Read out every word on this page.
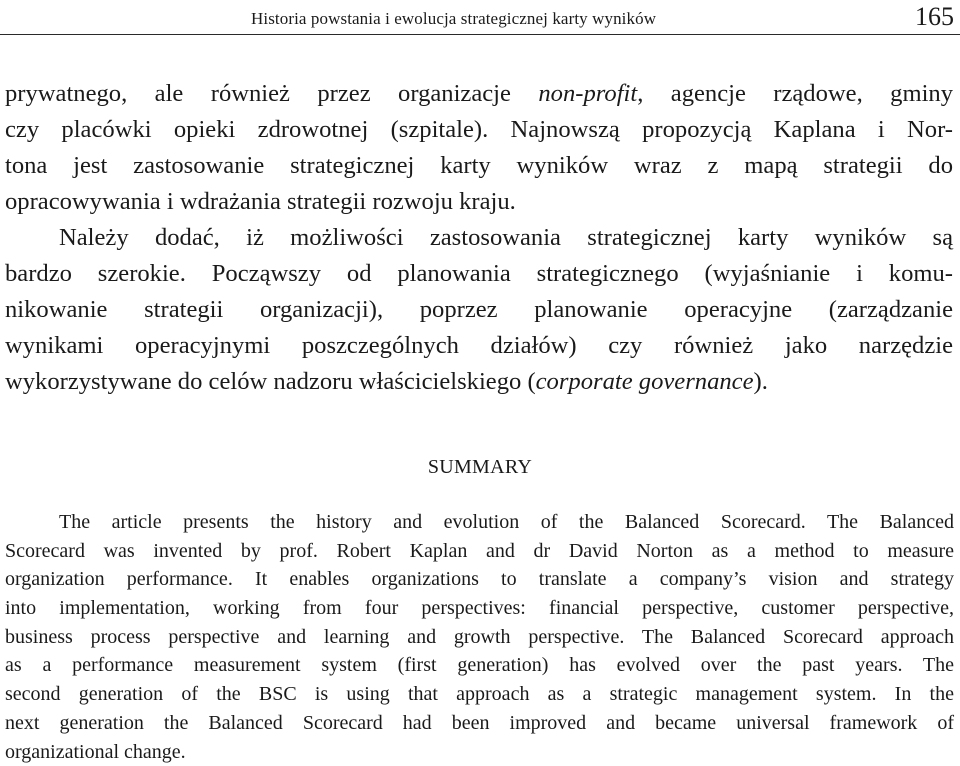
Historia powstania i ewolucja strategicznej karty wyników	165
prywatnego, ale również przez organizacje non-profit, agencje rządowe, gminy
czy placówki opieki zdrowotnej (szpitale). Najnowszą propozycją Kaplana i Nor-
tona jest zastosowanie strategicznej karty wyników wraz z mapą strategii do
opracowywania i wdrażania strategii rozwoju kraju.
Należy dodać, iż możliwości zastosowania strategicznej karty wyników są
bardzo szerokie. Począwszy od planowania strategicznego (wyjaśnianie i komu-
nikowanie strategii organizacji), poprzez planowanie operacyjne (zarządzanie
wynikami operacyjnymi poszczególnych działów) czy również jako narzędzie
wykorzystywane do celów nadzoru właścicielskiego (corporate governance).
SUMMARY
The article presents the history and evolution of the Balanced Scorecard. The Balanced
Scorecard was invented by prof. Robert Kaplan and dr David Norton as a method to measure
organization performance. It enables organizations to translate a company’s vision and strategy
into implementation, working from four perspectives: financial perspective, customer perspective,
business process perspective and learning and growth perspective. The Balanced Scorecard approach
as a performance measurement system (first generation) has evolved over the past years. The
second generation of the BSC is using that approach as a strategic management system. In the
next generation the Balanced Scorecard had been improved and became universal framework of
organizational change.
